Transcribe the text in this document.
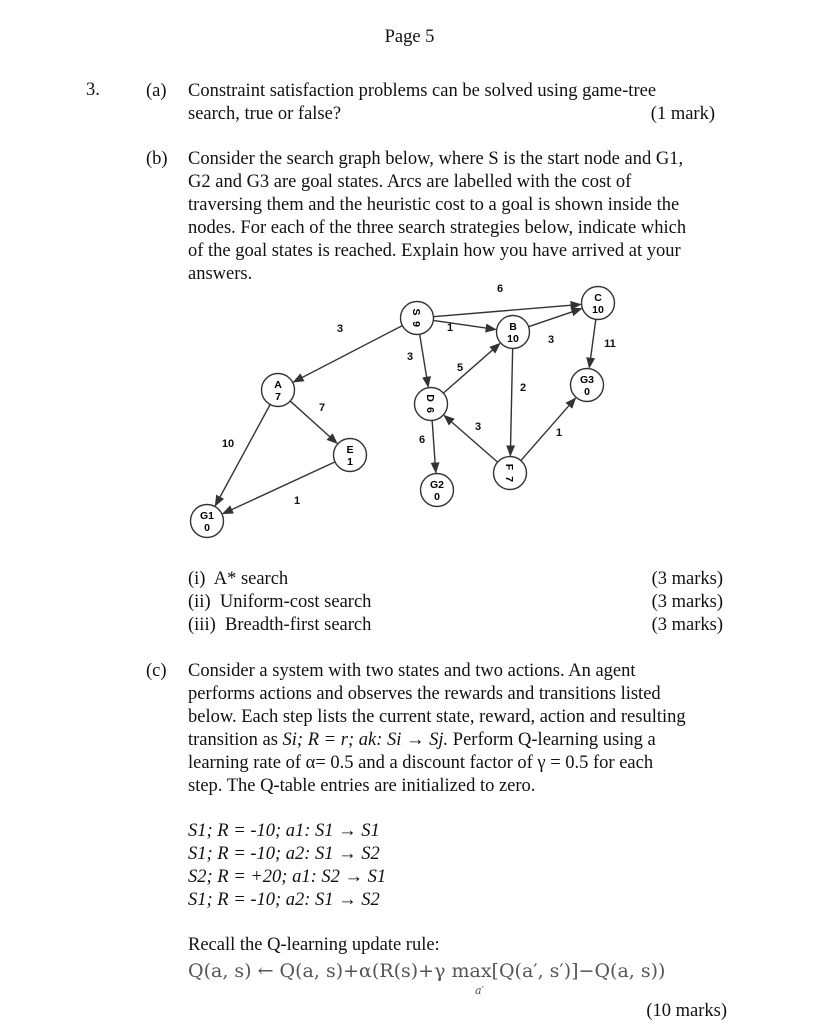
Page 5
3. (a) Constraint satisfaction problems can be solved using game-tree
search, true or false?	(1 mark)
(b) Consider the search graph below, where S is the start node and G1,
G2 and G3 are goal states. Arcs are labelled with the cost of
traversing them and the heuristic cost to a goal is shown inside the
nodes. For each of the three search strategies below, indicate which
of the goal states is reached. Explain how you have arrived at your
answers.
6
3	1
3
5
3	11
2
3	1
6
7
10
1
S
9
A
7
B
10
C
10
D
6
E
1	F
7
G1
0
G2
0
G3
0
(i) A* search	(3 marks)
(ii) Uniform-cost search	(3 marks)
(iii) Breadth-first search	(3 marks)
(c) Consider a system with two states and two actions. An agent
performs actions and observes the rewards and transitions listed
below. Each step lists the current state, reward, action and resulting
transition as Si; R = r; ak: Si → Sj. Perform Q-learning using a
learning rate of α= 0.5 and a discount factor of γ = 0.5 for each
step. The Q-table entries are initialized to zero.
S1; R = -10; a1: S1 → S1
S1; R = -10; a2: S1 → S2
S2; R = +20; a1: S2 → S1
S1; R = -10; a2: S1 → S2
Recall the Q-learning update rule:
Q(a, s) ← Q(a, s)+α(R(s)+γ max[Q(a′, s′)]−Q(a, s))
a′
(10 marks)
